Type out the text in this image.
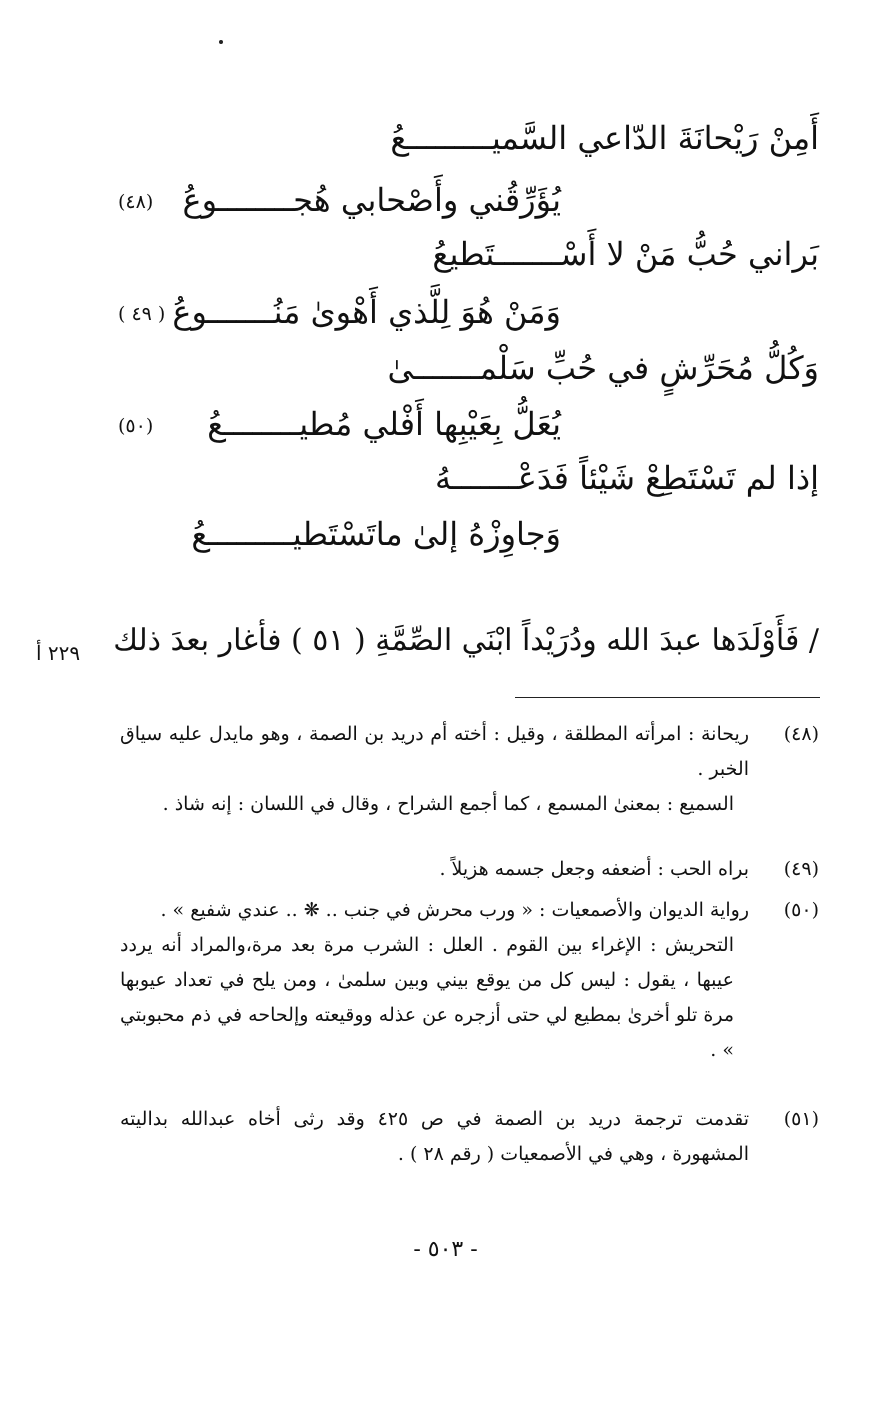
أَمِنْ رَيْحانَةَ الدّاعي السَّميـــــــــعُ
يُؤَرِّقُني وأَصْحابي هُجــــــــوعُ
(٤٨)
بَراني حُبُّ مَنْ لا أَسْـــــــتَطيعُ
وَمَنْ هُوَ لِلَّذي أَهْوىٰ مَنُـــــــوعُ
( ٤٩ )
وَكُلُّ مُحَرِّشٍ في حُبِّ سَلْمـــــــىٰ
يُعَلُّ بِعَيْبِها أَفْلي مُطيــــــــعُ
(٥٠)
إذا لم تَسْتَطِعْ شَيْئاً فَدَعْـــــــهُ
وَجاوِزْهُ إلىٰ ماتَسْتَطيـــــــــعُ
/ فَأَوْلَدَها عبدَ الله ودُرَيْداً ابْنَي الصِّمَّةِ ( ٥١ ) فأغار بعدَ ذلك
٢٢٩ أ
(٤٨)
ريحانة : امرأته المطلقة ، وقيل : أخته أم دريد بن الصمة ، وهو مايدل عليه سياق الخبر .
السميع : بمعنىٰ المسمع ، كما أجمع الشراح ، وقال في اللسان : إنه شاذ .
(٤٩)
براه الحب : أضعفه وجعل جسمه هزيلاً .
(٥٠)
رواية الديوان والأصمعيات : « ورب محرش في جنب .. ❋ .. عندي شفيع » .
التحريش : الإغراء بين القوم . العلل : الشرب مرة بعد مرة،والمراد أنه يردد عيبها ، يقول : ليس كل من يوقع بيني وبين سلمىٰ ، ومن يلح في تعداد عيوبها مرة تلو أخرىٰ بمطيع لي حتى أزجره عن عذله ووقيعته وإلحاحه في ذم محبوبتي » .
(٥١)
تقدمت ترجمة دريد بن الصمة في ص ٤٢٥ وقد رثى أخاه عبدالله بداليته المشهورة ، وهي في الأصمعيات ( رقم ٢٨ ) .
- ٥٠٣ -
